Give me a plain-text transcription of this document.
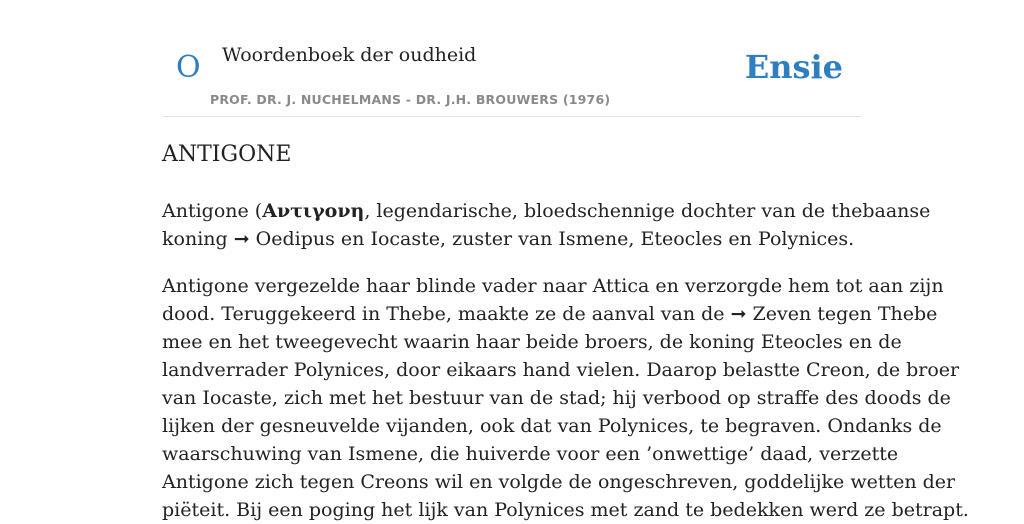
O Woordenboek der oudheid
PROF. DR. J. NUCHELMANS - DR. J.H. BROUWERS (1976)
Ensie
ANTIGONE

Antigone (Αντιγονη, legendarische, bloedschennige dochter van de thebaanse
koning ➞ Oedipus en Iocaste, zuster van Ismene, Eteocles en Polynices.

Antigone vergezelde haar blinde vader naar Attica en verzorgde hem tot aan zijn
dood. Teruggekeerd in Thebe, maakte ze de aanval van de ➞ Zeven tegen Thebe
mee en het tweegevecht waarin haar beide broers, de koning Eteocles en de
landverrader Polynices, door eikaars hand vielen. Daarop belastte Creon, de broer
van Iocaste, zich met het bestuur van de stad; hij verbood op straffe des doods de
lijken der gesneuvelde vijanden, ook dat van Polynices, te begraven. Ondanks de
waarschuwing van Ismene, die huiverde voor een ’onwettige’ daad, verzette
Antigone zich tegen Creons wil en volgde de ongeschreven, goddelijke wetten der
piëteit. Bij een poging het lijk van Polynices met zand te bedekken werd ze betrapt.
